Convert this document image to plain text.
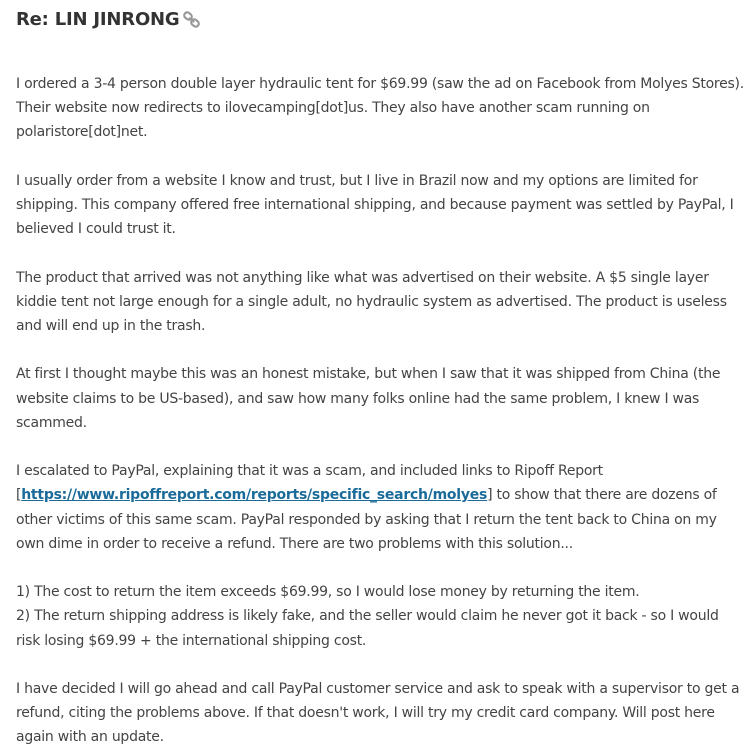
Re: LIN JINRONG

I ordered a 3-4 person double layer hydraulic tent for $69.99 (saw the ad on Facebook from Molyes Stores). Their website now redirects to ilovecamping[dot]us. They also have another scam running on polaristore[dot]net.

I usually order from a website I know and trust, but I live in Brazil now and my options are limited for shipping. This company offered free international shipping, and because payment was settled by PayPal, I believed I could trust it.

The product that arrived was not anything like what was advertised on their website. A $5 single layer kiddie tent not large enough for a single adult, no hydraulic system as advertised. The product is useless and will end up in the trash.

At first I thought maybe this was an honest mistake, but when I saw that it was shipped from China (the website claims to be US-based), and saw how many folks online had the same problem, I knew I was scammed.

I escalated to PayPal, explaining that it was a scam, and included links to Ripoff Report [https://www.ripoffreport.com/reports/specific_search/molyes] to show that there are dozens of other victims of this same scam. PayPal responded by asking that I return the tent back to China on my own dime in order to receive a refund. There are two problems with this solution...

1) The cost to return the item exceeds $69.99, so I would lose money by returning the item.

2) The return shipping address is likely fake, and the seller would claim he never got it back - so I would risk losing $69.99 + the international shipping cost.

I have decided I will go ahead and call PayPal customer service and ask to speak with a supervisor to get a refund, citing the problems above. If that doesn't work, I will try my credit card company. Will post here again with an update.
